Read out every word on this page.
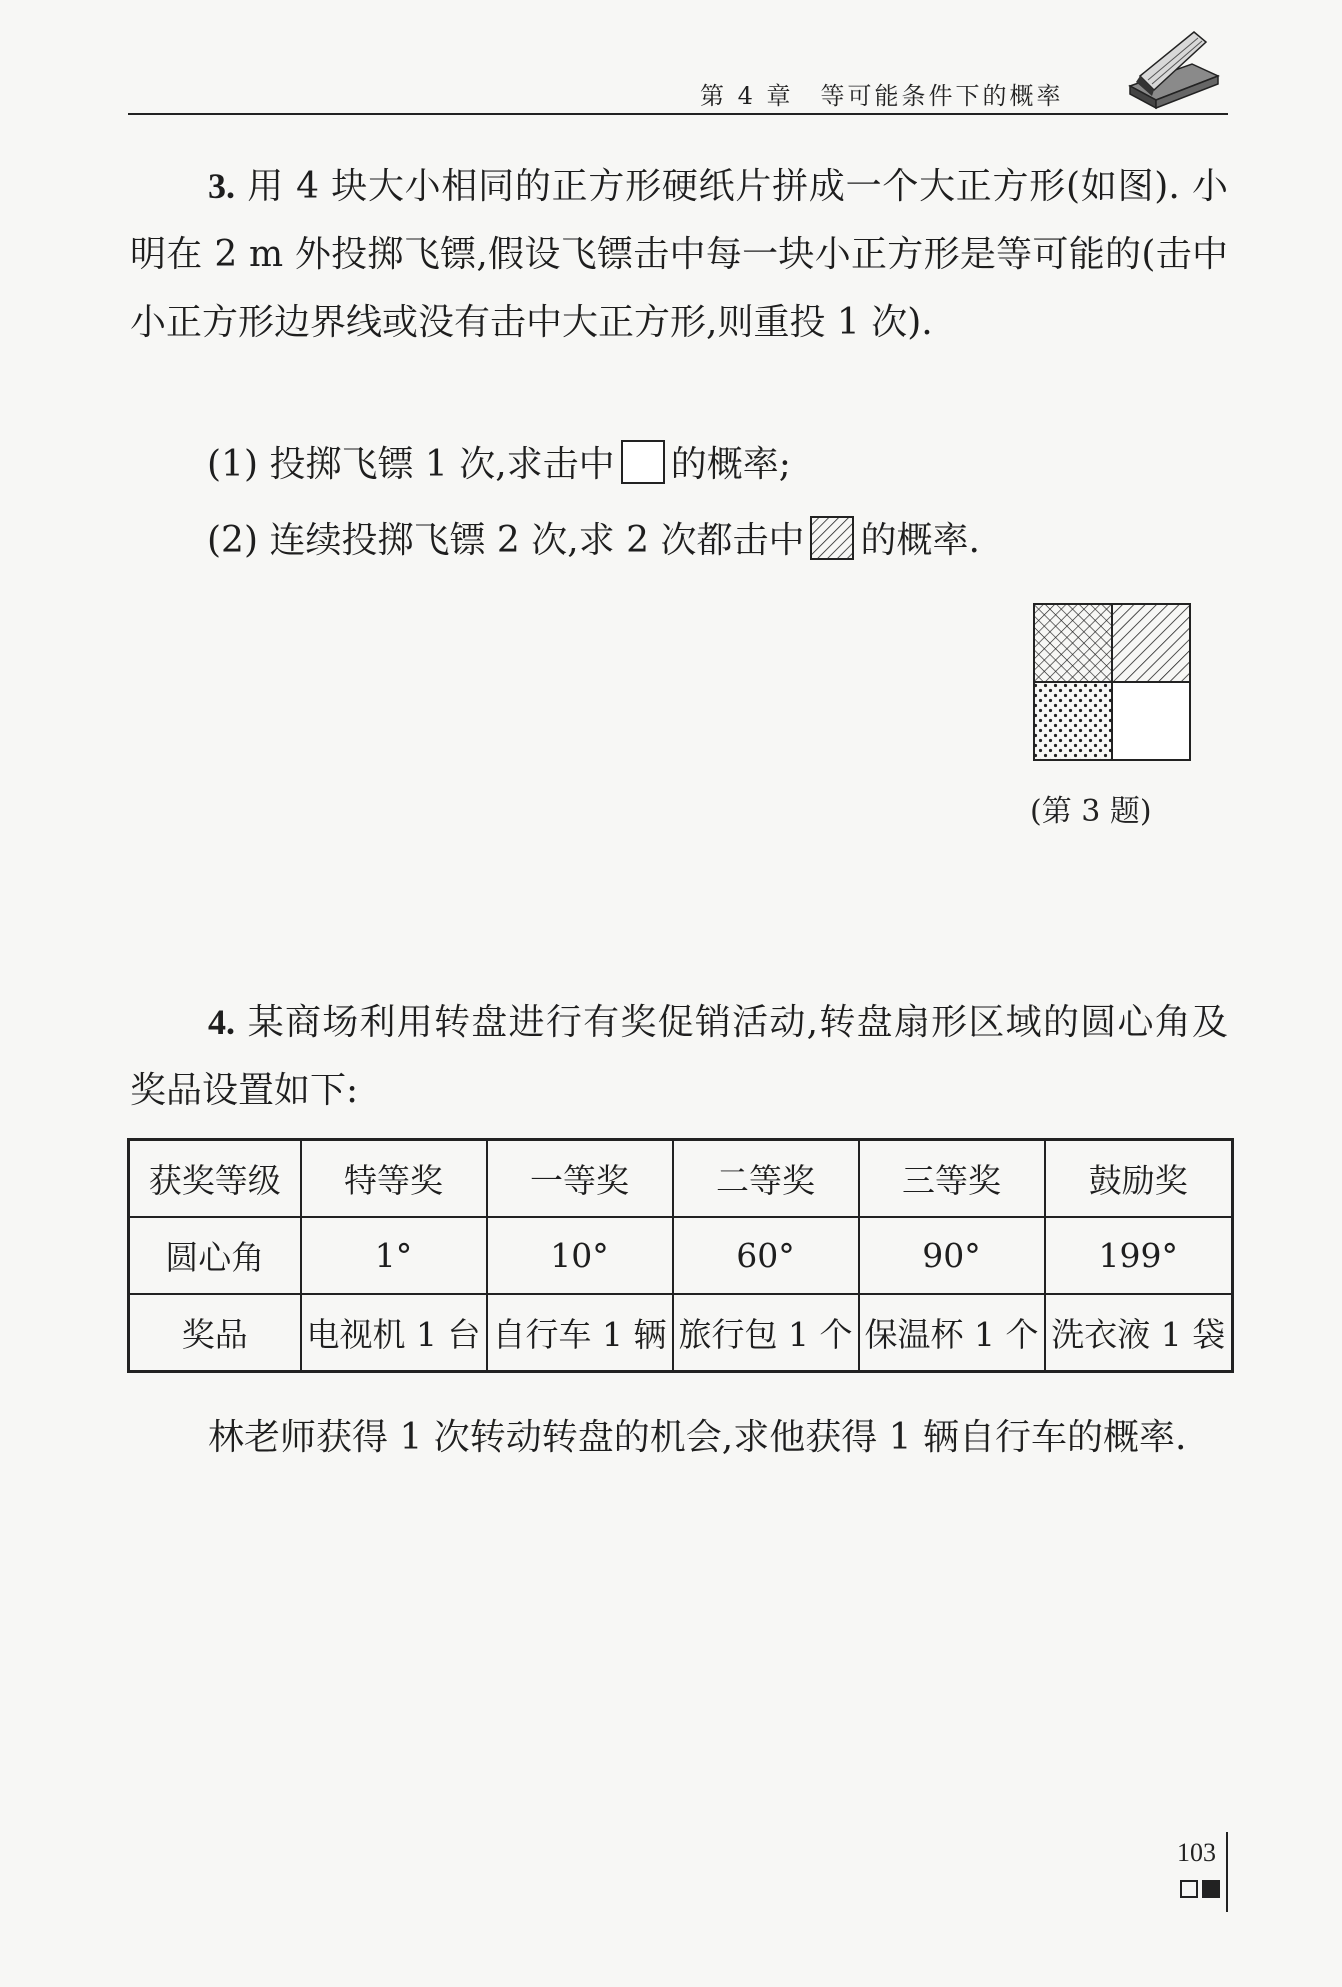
第 4 章　等可能条件下的概率
3. 用 4 块大小相同的正方形硬纸片拼成一个大正方形(如图). 小明在 2 m 外投掷飞镖,假设飞镖击中每一块小正方形是等可能的(击中小正方形边界线或没有击中大正方形,则重投 1 次).
(1) 投掷飞镖 1 次,求击中 的概率;
(2) 连续投掷飞镖 2 次,求 2 次都击中 的概率.
(第 3 题)
4. 某商场利用转盘进行有奖促销活动,转盘扇形区域的圆心角及奖品设置如下:
获奖等级	特等奖	一等奖	二等奖	三等奖	鼓励奖
圆心角	1°	10°	60°	90°	199°
奖品	电视机 1 台	自行车 1 辆	旅行包 1 个	保温杯 1 个	洗衣液 1 袋
林老师获得 1 次转动转盘的机会,求他获得 1 辆自行车的概率.
103
